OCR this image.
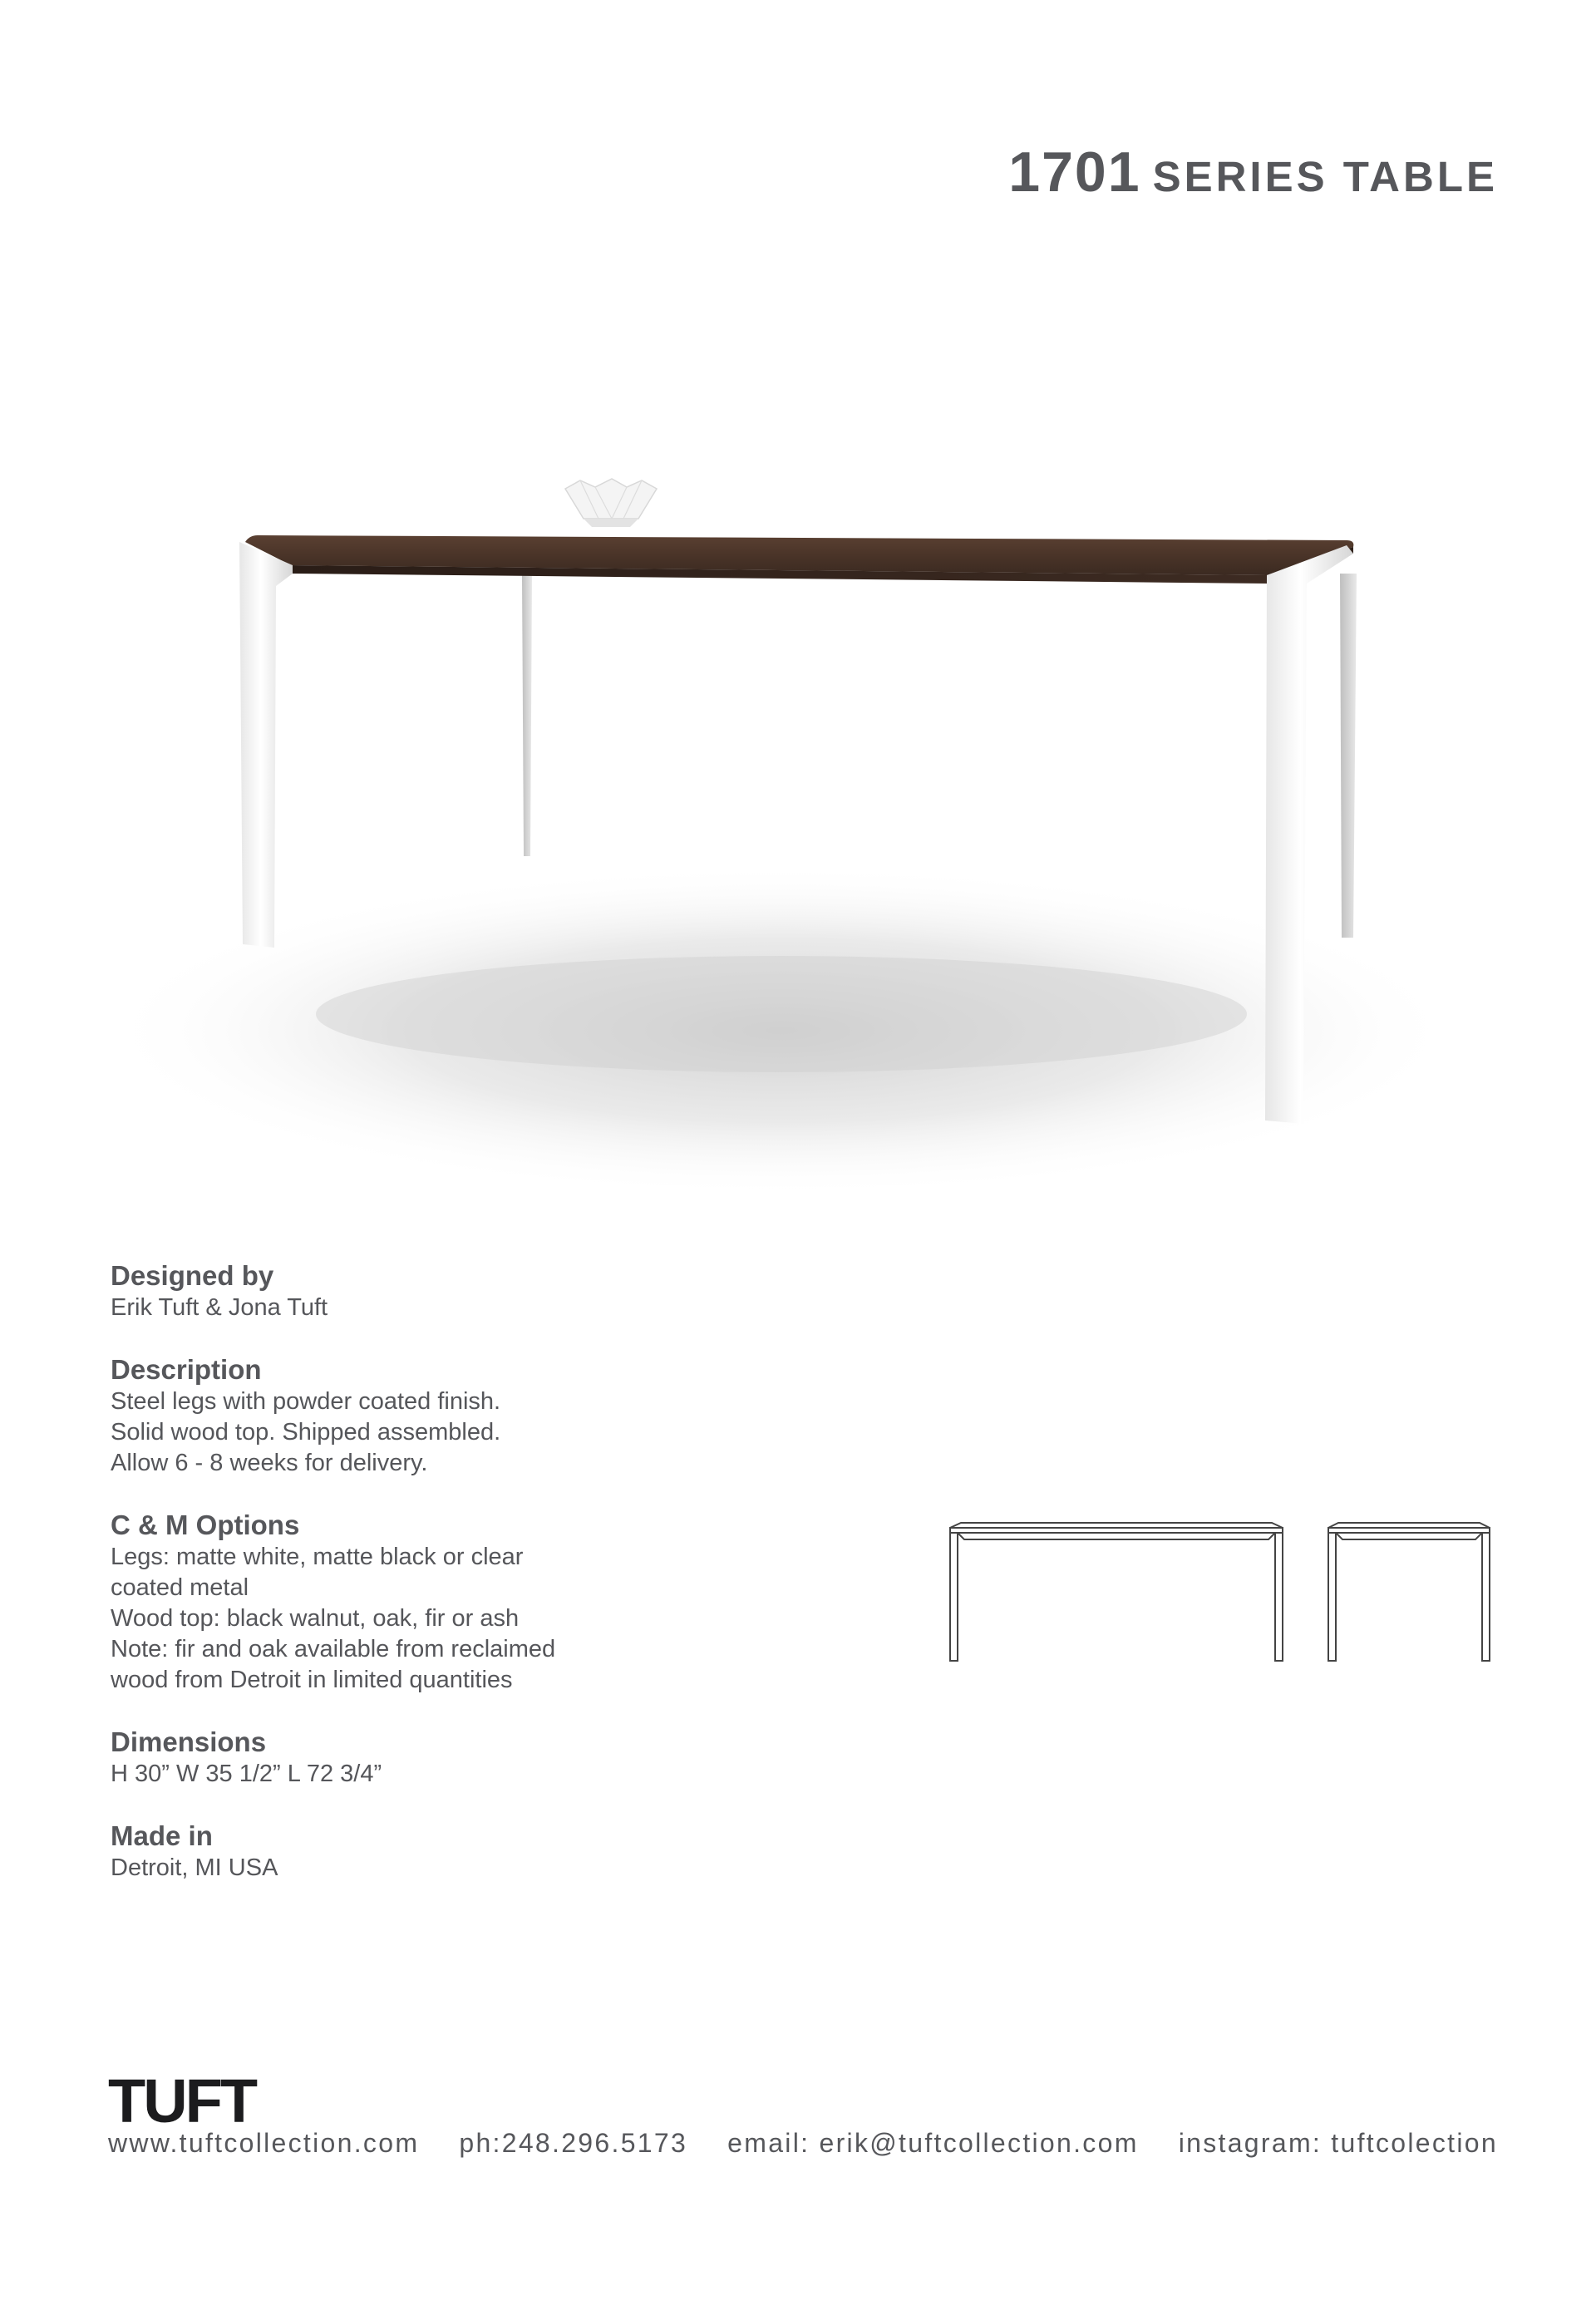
1701 SERIES TABLE
Designed by
Erik Tuft & Jona Tuft
Description
Steel legs with powder coated finish.
Solid wood top. Shipped assembled.
Allow 6 - 8 weeks for delivery.
C & M Options
Legs: matte white, matte black or clear
coated metal
Wood top: black walnut, oak, fir or ash
Note: fir and oak available from reclaimed
wood from Detroit in limited quantities
Dimensions
H 30” W 35 1/2” L 72 3/4”
Made in
Detroit, MI USA
TUFT
www.tuftcollection.com ph:248.296.5173 email: erik@tuftcollection.com instagram: tuftcolection
